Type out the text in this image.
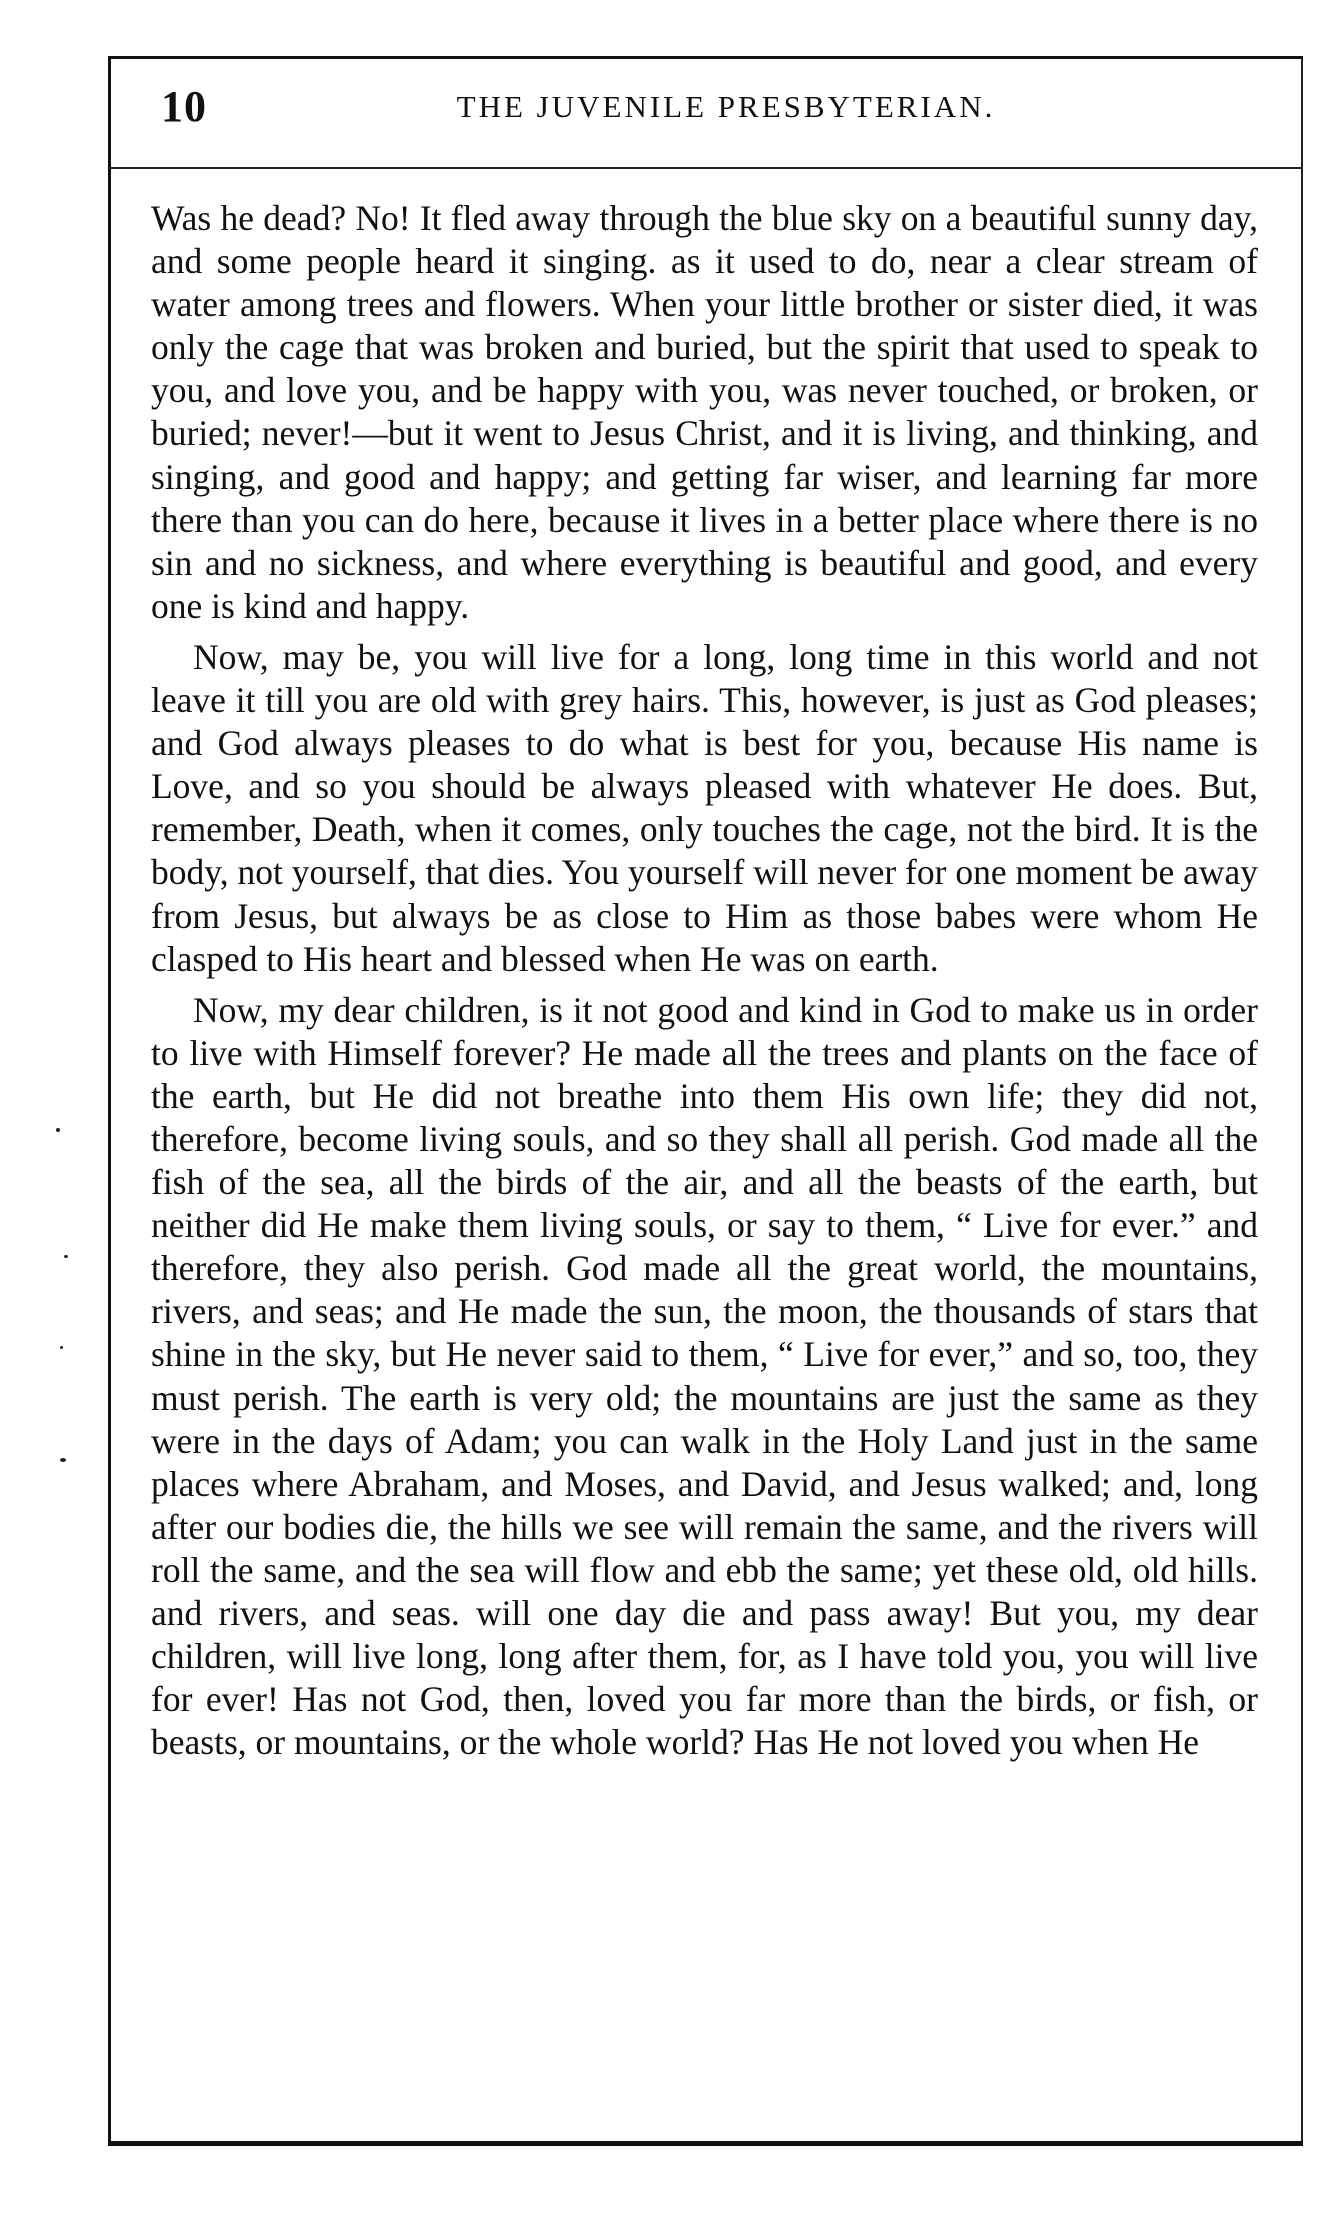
10	THE JUVENILE PRESBYTERIAN.

Was he dead? No! It fled away through the blue sky on a beautiful sunny day, and some people heard it singing. as it used to do, near a clear stream of water among trees and flowers. When your little brother or sister died, it was only the cage that was broken and buried, but the spirit that used to speak to you, and love you, and be happy with you, was never touched, or broken, or buried; never!—but it went to Jesus Christ, and it is living, and thinking, and singing, and good and happy; and getting far wiser, and learning far more there than you can do here, because it lives in a better place where there is no sin and no sickness, and where everything is beautiful and good, and every one is kind and happy.

Now, may be, you will live for a long, long time in this world and not leave it till you are old with grey hairs. This, however, is just as God pleases; and God always pleases to do what is best for you, because His name is Love, and so you should be always pleased with whatever He does. But, remember, Death, when it comes, only touches the cage, not the bird. It is the body, not yourself, that dies. You yourself will never for one moment be away from Jesus, but always be as close to Him as those babes were whom He clasped to His heart and blessed when He was on earth.

Now, my dear children, is it not good and kind in God to make us in order to live with Himself forever? He made all the trees and plants on the face of the earth, but He did not breathe into them His own life; they did not, therefore, become living souls, and so they shall all perish. God made all the fish of the sea, all the birds of the air, and all the beasts of the earth, but neither did He make them living souls, or say to them, “ Live for ever.” and therefore, they also perish. God made all the great world, the mountains, rivers, and seas; and He made the sun, the moon, the thousands of stars that shine in the sky, but He never said to them, “ Live for ever,” and so, too, they must perish. The earth is very old; the mountains are just the same as they were in the days of Adam; you can walk in the Holy Land just in the same places where Abraham, and Moses, and David, and Jesus walked; and, long after our bodies die, the hills we see will remain the same, and the rivers will roll the same, and the sea will flow and ebb the same; yet these old, old hills. and rivers, and seas. will one day die and pass away! But you, my dear children, will live long, long after them, for, as I have told you, you will live for ever! Has not God, then, loved you far more than the birds, or fish, or beasts, or mountains, or the whole world? Has He not loved you when He
